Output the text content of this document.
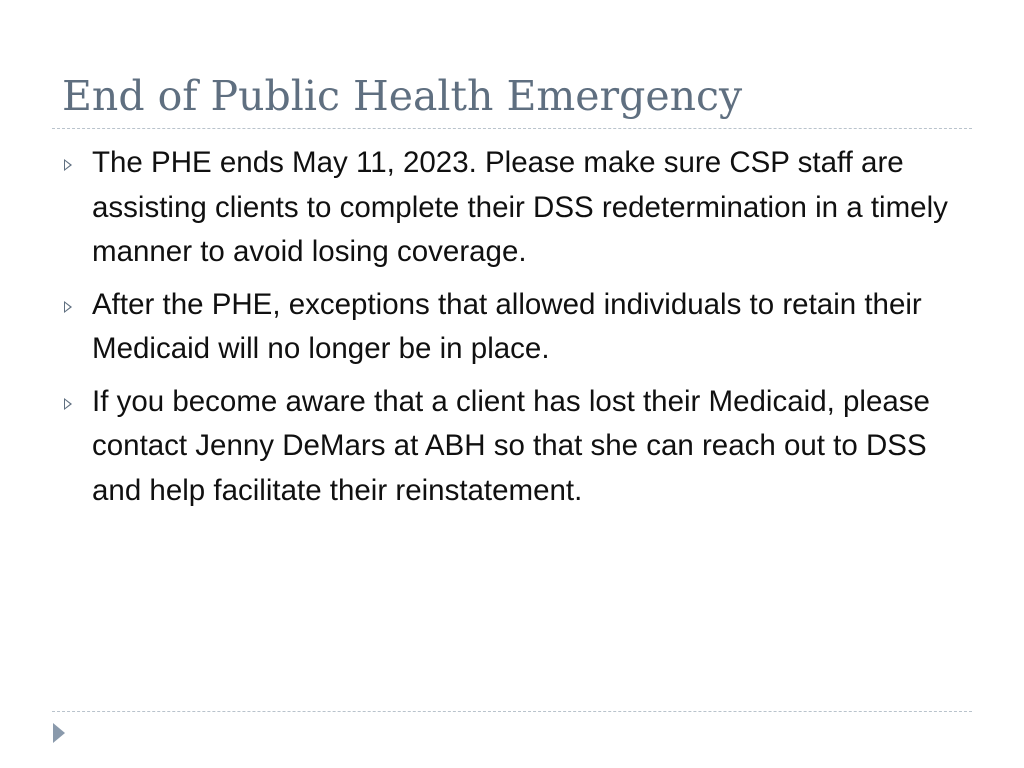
End of Public Health Emergency
The PHE ends May 11, 2023. Please make sure CSP staff are assisting clients to complete their DSS redetermination in a timely manner to avoid losing coverage.
After the PHE, exceptions that allowed individuals to retain their Medicaid will no longer be in place.
If you become aware that a client has lost their Medicaid, please contact Jenny DeMars at ABH so that she can reach out to DSS and help facilitate their reinstatement.
